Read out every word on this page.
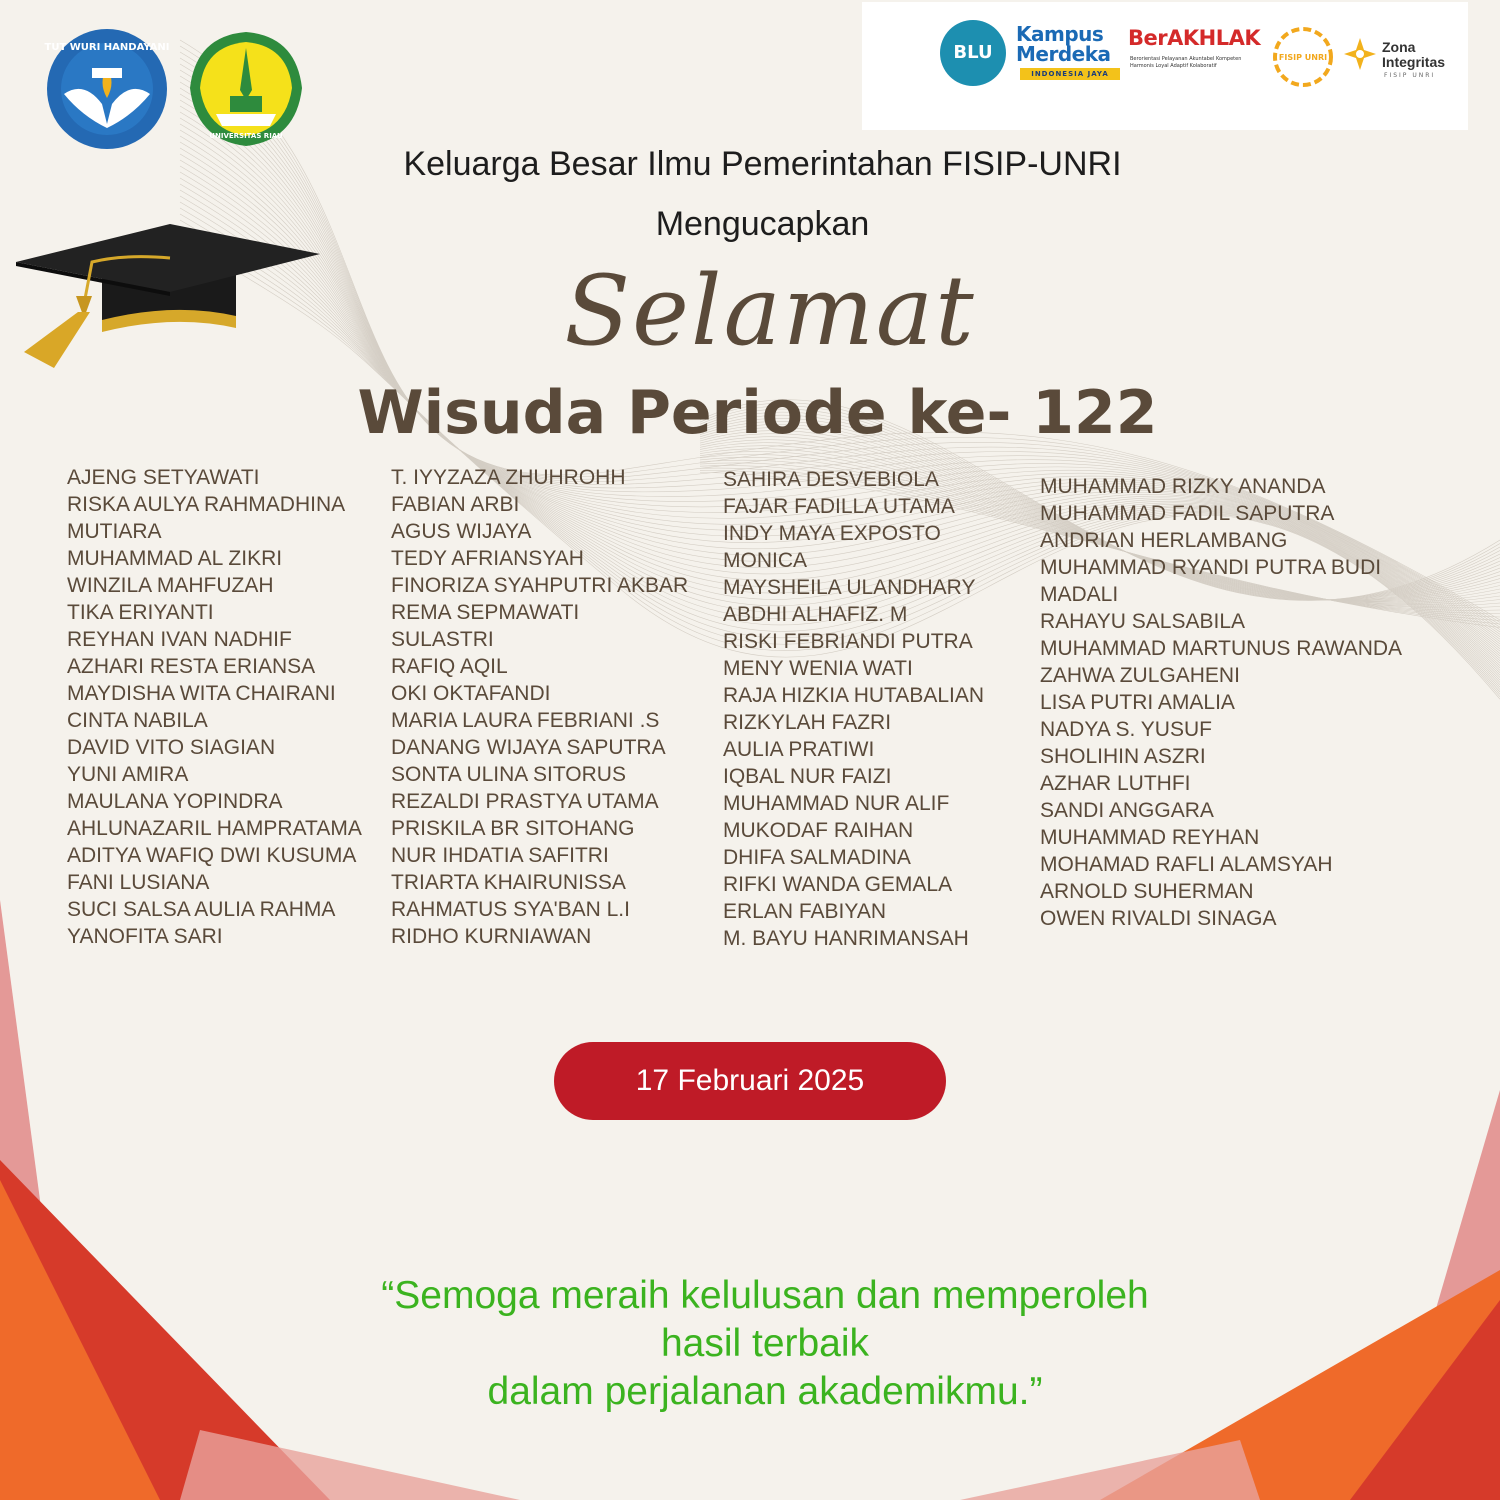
TUT WURI HANDAYANI
UNIVERSITAS RIAU
BLU
Kampus
Merdeka
INDONESIA JAYA
BerAKHLAK
Berorientasi Pelayanan Akuntabel Kompeten Harmonis Loyal Adaptif Kolaboratif
FISIP UNRI
Zona
Integritas
FISIP UNRI
Keluarga Besar Ilmu Pemerintahan FISIP-UNRI
Mengucapkan
Selamat
Wisuda Periode ke- 122
AJENG SETYAWATI
RISKA AULYA RAHMADHINA
MUTIARA
MUHAMMAD AL ZIKRI
WINZILA MAHFUZAH
TIKA ERIYANTI
REYHAN IVAN NADHIF
AZHARI RESTA ERIANSA
MAYDISHA WITA CHAIRANI
CINTA NABILA
DAVID VITO SIAGIAN
YUNI AMIRA
MAULANA YOPINDRA
AHLUNAZARIL HAMPRATAMA
ADITYA WAFIQ DWI KUSUMA
FANI LUSIANA
SUCI SALSA AULIA RAHMA
YANOFITA SARI
T. IYYZAZA ZHUHROHH
FABIAN ARBI
AGUS WIJAYA
TEDY AFRIANSYAH
FINORIZA SYAHPUTRI AKBAR
REMA SEPMAWATI
SULASTRI
RAFIQ AQIL
OKI OKTAFANDI
MARIA LAURA FEBRIANI .S
DANANG WIJAYA SAPUTRA
SONTA ULINA SITORUS
REZALDI PRASTYA UTAMA
PRISKILA BR SITOHANG
NUR IHDATIA SAFITRI
TRIARTA KHAIRUNISSA
RAHMATUS SYA'BAN L.I
RIDHO KURNIAWAN
SAHIRA DESVEBIOLA
FAJAR FADILLA UTAMA
INDY MAYA EXPOSTO
MONICA
MAYSHEILA ULANDHARY
ABDHI ALHAFIZ. M
RISKI FEBRIANDI PUTRA
MENY WENIA WATI
RAJA HIZKIA HUTABALIAN
RIZKYLAH FAZRI
AULIA PRATIWI
IQBAL NUR FAIZI
MUHAMMAD NUR ALIF
MUKODAF RAIHAN
DHIFA SALMADINA
RIFKI WANDA GEMALA
ERLAN FABIYAN
M. BAYU HANRIMANSAH
MUHAMMAD RIZKY ANANDA
MUHAMMAD FADIL SAPUTRA
ANDRIAN HERLAMBANG
MUHAMMAD RYANDI PUTRA BUDI
MADALI
RAHAYU SALSABILA
MUHAMMAD MARTUNUS RAWANDA
ZAHWA ZULGAHENI
LISA PUTRI AMALIA
NADYA S. YUSUF
SHOLIHIN ASZRI
AZHAR LUTHFI
SANDI ANGGARA
MUHAMMAD REYHAN
MOHAMAD RAFLI ALAMSYAH
ARNOLD SUHERMAN
OWEN RIVALDI SINAGA
17 Februari 2025
“Semoga meraih kelulusan dan memperoleh
hasil terbaik
dalam perjalanan akademikmu.”
